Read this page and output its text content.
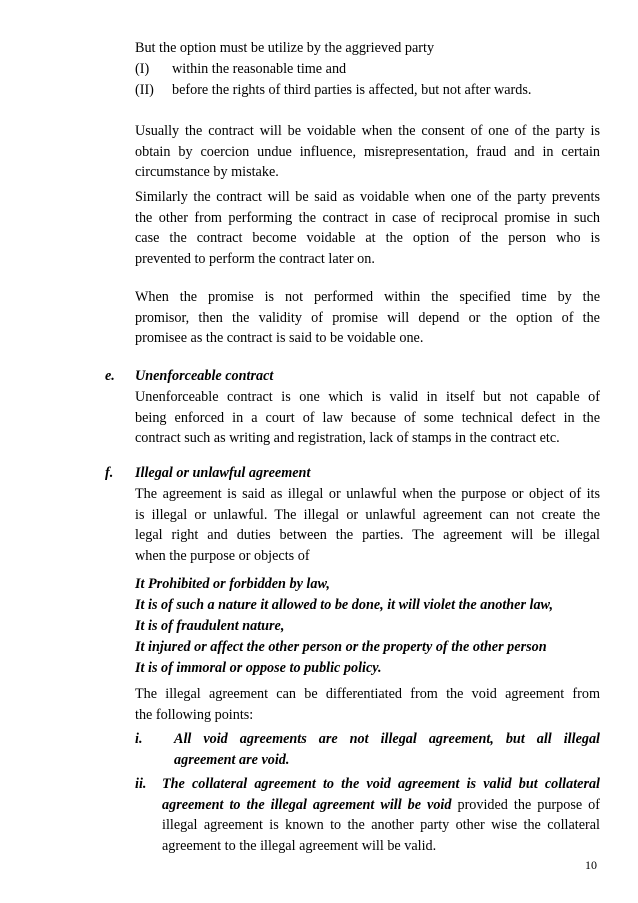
But the option must be utilize by the aggrieved party
(I) within the reasonable time and
(II) before the rights of third parties is affected, but not after wards.
Usually the contract will be voidable when the consent of one of the party is
obtain by coercion undue influence, misrepresentation, fraud and in certain
circumstance by mistake.
Similarly the contract will be said as voidable when one of the party prevents
the other from performing the contract in case of reciprocal promise in such
case the contract become voidable at the option of the person who is
prevented to perform the contract later on.
When the promise is not performed within the specified time by the
promisor, then the validity of promise will depend or the option of the
promisee as the contract is said to be voidable one.
e. Unenforceable contract
Unenforceable contract is one which is valid in itself but not capable of
being enforced in a court of law because of some technical defect in the
contract such as writing and registration, lack of stamps in the contract etc.
f. Illegal or unlawful agreement
The agreement is said as illegal or unlawful when the purpose or object of its
is illegal or unlawful. The illegal or unlawful agreement can not create the
legal right and duties between the parties. The agreement will be illegal
when the purpose or objects of
It Prohibited or forbidden by law,
It is of such a nature it allowed to be done, it will violet the another law,
It is of fraudulent nature,
It injured or affect the other person or the property of the other person
It is of immoral or oppose to public policy.
The illegal agreement can be differentiated from the void agreement from
the following points:
i. All void agreements are not illegal agreement, but all illegal
agreement are void.
ii. The collateral agreement to the void agreement is valid but collateral
agreement to the illegal agreement will be void provided the purpose of
illegal agreement is known to the another party other wise the collateral
agreement to the illegal agreement will be valid.
10
